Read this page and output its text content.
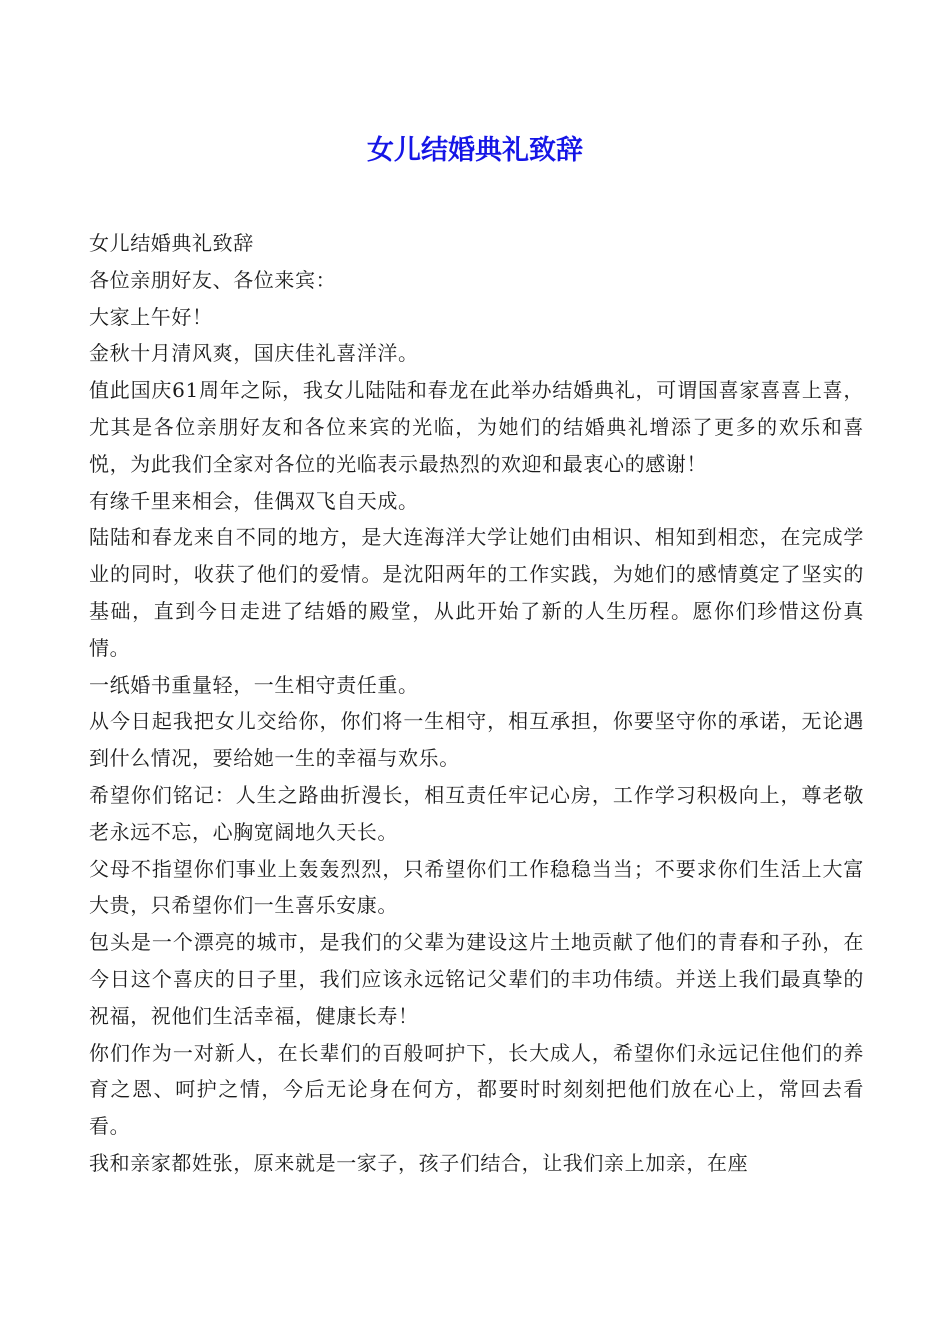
女儿结婚典礼致辞

女儿结婚典礼致辞

各位亲朋好友、各位来宾：

大家上午好！

金秋十月清风爽，国庆佳礼喜洋洋。

值此国庆61周年之际，我女儿陆陆和春龙在此举办结婚典礼，可谓国喜家喜喜上喜，尤其是各位亲朋好友和各位来宾的光临，为她们的结婚典礼增添了更多的欢乐和喜悦，为此我们全家对各位的光临表示最热烈的欢迎和最衷心的感谢！

有缘千里来相会，佳偶双飞自天成。

陆陆和春龙来自不同的地方，是大连海洋大学让她们由相识、相知到相恋，在完成学业的同时，收获了他们的爱情。是沈阳两年的工作实践，为她们的感情奠定了坚实的基础，直到今日走进了结婚的殿堂，从此开始了新的人生历程。愿你们珍惜这份真情。

一纸婚书重量轻，一生相守责任重。

从今日起我把女儿交给你，你们将一生相守，相互承担，你要坚守你的承诺，无论遇到什么情况，要给她一生的幸福与欢乐。

希望你们铭记：人生之路曲折漫长，相互责任牢记心房，工作学习积极向上，尊老敬老永远不忘，心胸宽阔地久天长。

父母不指望你们事业上轰轰烈烈，只希望你们工作稳稳当当；不要求你们生活上大富大贵，只希望你们一生喜乐安康。

包头是一个漂亮的城市，是我们的父辈为建设这片土地贡献了他们的青春和子孙，在今日这个喜庆的日子里，我们应该永远铭记父辈们的丰功伟绩。并送上我们最真挚的祝福，祝他们生活幸福，健康长寿！

你们作为一对新人，在长辈们的百般呵护下，长大成人，希望你们永远记住他们的养育之恩、呵护之情，今后无论身在何方，都要时时刻刻把他们放在心上，常回去看看。

我和亲家都姓张，原来就是一家子，孩子们结合，让我们亲上加亲，在座
